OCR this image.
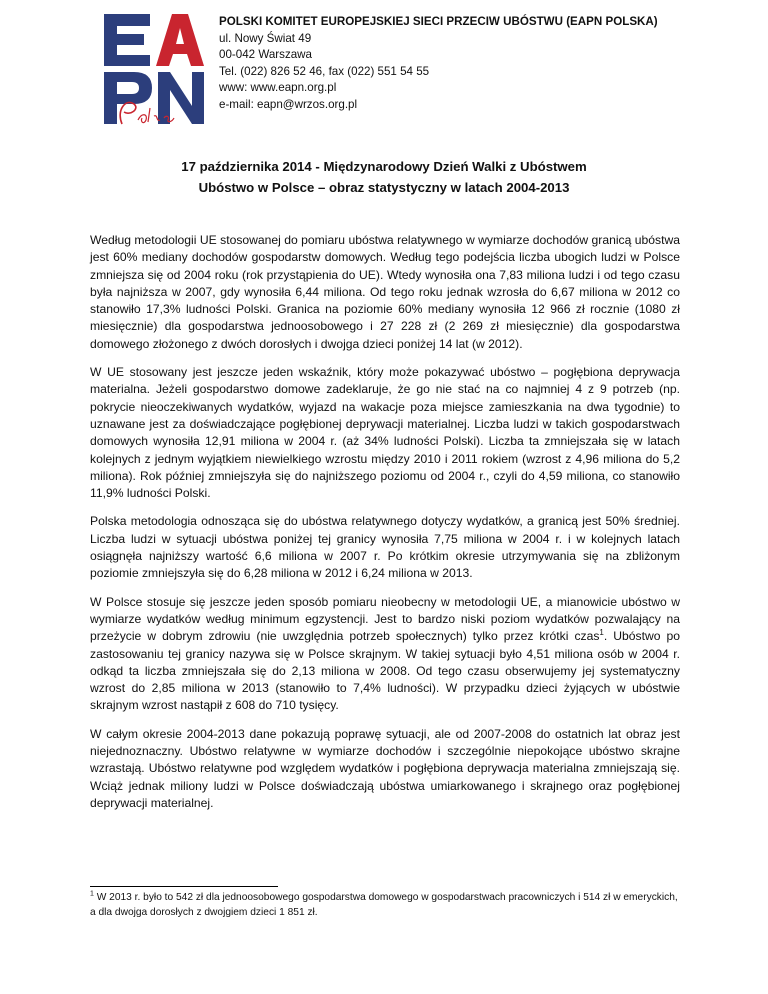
POLSKI KOMITET EUROPEJSKIEJ SIECI PRZECIW UBÓSTWU (EAPN POLSKA)
ul. Nowy Świat 49
00-042 Warszawa
Tel. (022) 826 52 46, fax (022) 551 54 55
www: www.eapn.org.pl
e-mail: eapn@wrzos.org.pl
17 października 2014 - Międzynarodowy Dzień Walki z Ubóstwem
Ubóstwo w Polsce – obraz statystyczny w latach 2004-2013

Według metodologii UE stosowanej do pomiaru ubóstwa relatywnego w wymiarze dochodów granicą ubóstwa jest 60% mediany dochodów gospodarstw domowych. Według tego podejścia liczba ubogich ludzi w Polsce zmniejsza się od 2004 roku (rok przystąpienia do UE). Wtedy wynosiła ona 7,83 miliona ludzi i od tego czasu była najniższa w 2007, gdy wynosiła 6,44 miliona. Od tego roku jednak wzrosła do 6,67 miliona w 2012 co stanowiło 17,3% ludności Polski. Granica na poziomie 60% mediany wynosiła 12 966 zł rocznie (1080 zł miesięcznie) dla gospodarstwa jednoosobowego i 27 228 zł (2 269 zł miesięcznie) dla gospodarstwa domowego złożonego z dwóch dorosłych i dwojga dzieci poniżej 14 lat (w 2012).

W UE stosowany jest jeszcze jeden wskaźnik, który może pokazywać ubóstwo – pogłębiona deprywacja materialna. Jeżeli gospodarstwo domowe zadeklaruje, że go nie stać na co najmniej 4 z 9 potrzeb (np. pokrycie nieoczekiwanych wydatków, wyjazd na wakacje poza miejsce zamieszkania na dwa tygodnie) to uznawane jest za doświadczające pogłębionej deprywacji materialnej. Liczba ludzi w takich gospodarstwach domowych wynosiła 12,91 miliona w 2004 r. (aż 34% ludności Polski). Liczba ta zmniejszała się w latach kolejnych z jednym wyjątkiem niewielkiego wzrostu między 2010 i 2011 rokiem (wzrost z 4,96 miliona do 5,2 miliona). Rok później zmniejszyła się do najniższego poziomu od 2004 r., czyli do 4,59 miliona, co stanowiło 11,9% ludności Polski.

Polska metodologia odnosząca się do ubóstwa relatywnego dotyczy wydatków, a granicą jest 50% średniej. Liczba ludzi w sytuacji ubóstwa poniżej tej granicy wynosiła 7,75 miliona w 2004 r. i w kolejnych latach osiągnęła najniższy wartość 6,6 miliona w 2007 r. Po krótkim okresie utrzymywania się na zbliżonym poziomie zmniejszyła się do 6,28 miliona w 2012 i 6,24 miliona w 2013.

W Polsce stosuje się jeszcze jeden sposób pomiaru nieobecny w metodologii UE, a mianowicie ubóstwo w wymiarze wydatków według minimum egzystencji. Jest to bardzo niski poziom wydatków pozwalający na przeżycie w dobrym zdrowiu (nie uwzględnia potrzeb społecznych) tylko przez krótki czas$^1$. Ubóstwo po zastosowaniu tej granicy nazywa się w Polsce skrajnym. W takiej sytuacji było 4,51 miliona osób w 2004 r. odkąd ta liczba zmniejszała się do 2,13 miliona w 2008. Od tego czasu obserwujemy jej systematyczny wzrost do 2,85 miliona w 2013 (stanowiło to 7,4% ludności). W przypadku dzieci żyjących w ubóstwie skrajnym wzrost nastąpił z 608 do 710 tysięcy.

W całym okresie 2004-2013 dane pokazują poprawę sytuacji, ale od 2007-2008 do ostatnich lat obraz jest niejednoznaczny. Ubóstwo relatywne w wymiarze dochodów i szczególnie niepokojące ubóstwo skrajne wzrastają. Ubóstwo relatywne pod względem wydatków i pogłębiona deprywacja materialna zmniejszają się. Wciąż jednak miliony ludzi w Polsce doświadczają ubóstwa umiarkowanego i skrajnego oraz pogłębionej deprywacji materialnej.

$^1$ W 2013 r. było to 542 zł dla jednoosobowego gospodarstwa domowego w gospodarstwach pracowniczych i 514 zł w emeryckich, a dla dwojga dorosłych z dwojgiem dzieci 1 851 zł.
